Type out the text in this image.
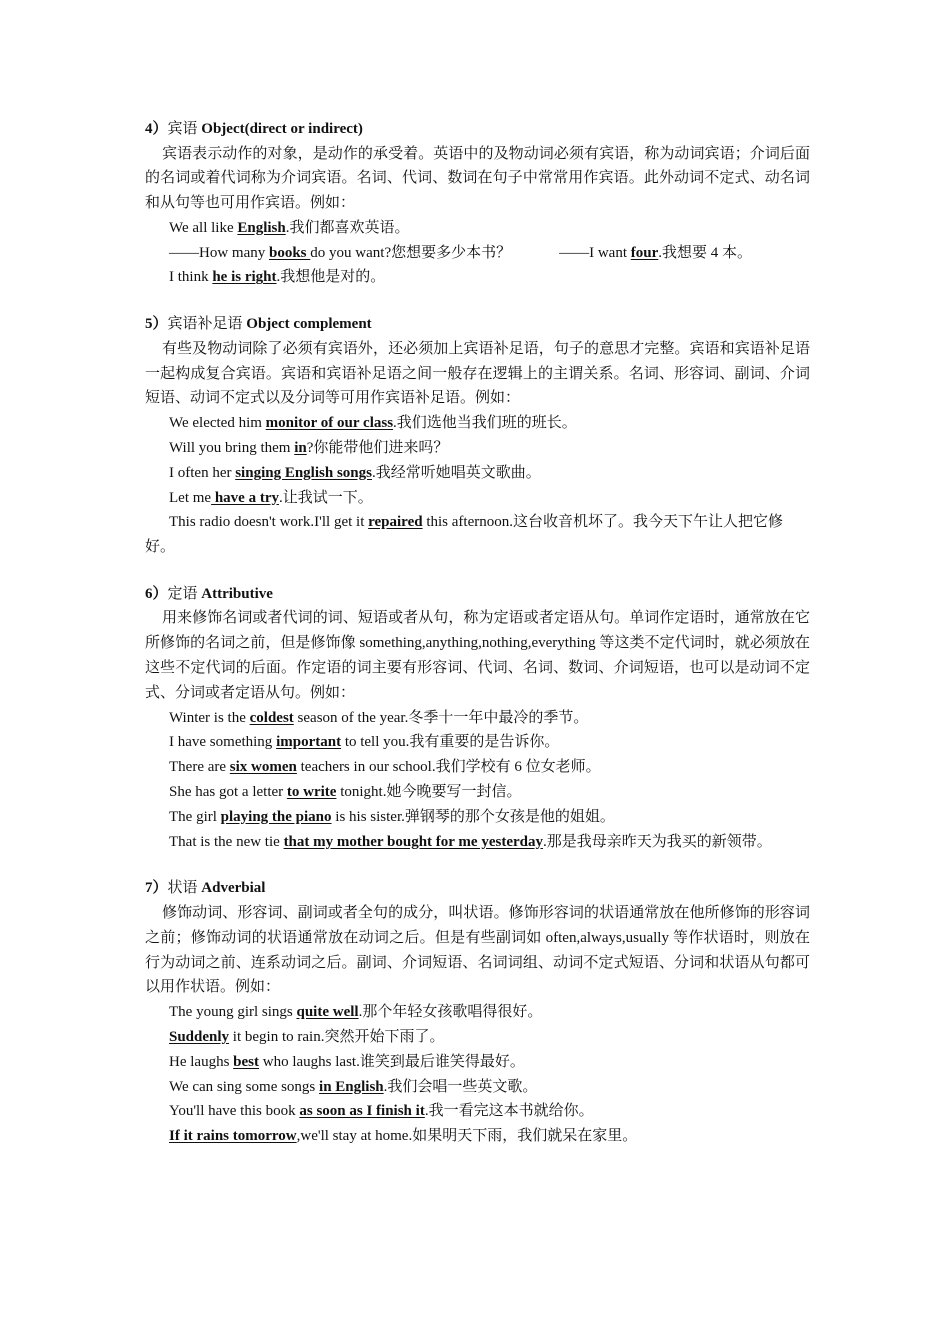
4）宾语 Object(direct or indirect)
宾语表示动作的对象，是动作的承受着。英语中的及物动词必须有宾语，称为动词宾语；介词后面的名词或着代词称为介词宾语。名词、代词、数词在句子中常常用作宾语。此外动词不定式、动名词和从句等也可用作宾语。例如：
We all like English.我们都喜欢英语。
——How many books do you want?您想要多少本书？	——I want four.我想要 4 本。
I think he is right.我想他是对的。
5）宾语补足语 Object complement
有些及物动词除了必须有宾语外，还必须加上宾语补足语，句子的意思才完整。宾语和宾语补足语一起构成复合宾语。宾语和宾语补足语之间一般存在逻辑上的主谓关系。名词、形容词、副词、介词短语、动词不定式以及分词等可用作宾语补足语。例如：
We elected him monitor of our class.我们选他当我们班的班长。
Will you bring them in?你能带他们进来吗？
I often her singing English songs.我经常听她唱英文歌曲。
Let me have a try.让我试一下。
This radio doesn't work.I'll get it repaired this afternoon.这台收音机坏了。我今天下午让人把它修好。
6）定语 Attributive
用来修饰名词或者代词的词、短语或者从句，称为定语或者定语从句。单词作定语时，通常放在它所修饰的名词之前，但是修饰像 something,anything,nothing,everything 等这类不定代词时，就必须放在这些不定代词的后面。作定语的词主要有形容词、代词、名词、数词、介词短语，也可以是动词不定式、分词或者定语从句。例如：
Winter is the coldest season of the year.冬季十一年中最冷的季节。
I have something important to tell you.我有重要的是告诉你。
There are six women teachers in our school.我们学校有 6 位女老师。
She has got a letter to write tonight.她今晚要写一封信。
The girl playing the piano is his sister.弹钢琴的那个女孩是他的姐姐。
That is the new tie that my mother bought for me yesterday.那是我母亲昨天为我买的新领带。
7）状语 Adverbial
修饰动词、形容词、副词或者全句的成分，叫状语。修饰形容词的状语通常放在他所修饰的形容词之前；修饰动词的状语通常放在动词之后。但是有些副词如 often,always,usually 等作状语时，则放在行为动词之前、连系动词之后。副词、介词短语、名词词组、动词不定式短语、分词和状语从句都可以用作状语。例如：
The young girl sings quite well.那个年轻女孩歌唱得很好。
Suddenly it begin to rain.突然开始下雨了。
He laughs best who laughs last.谁笑到最后谁笑得最好。
We can sing some songs in English.我们会唱一些英文歌。
You'll have this book as soon as I finish it.我一看完这本书就给你。
If it rains tomorrow,we'll stay at home.如果明天下雨，我们就呆在家里。
